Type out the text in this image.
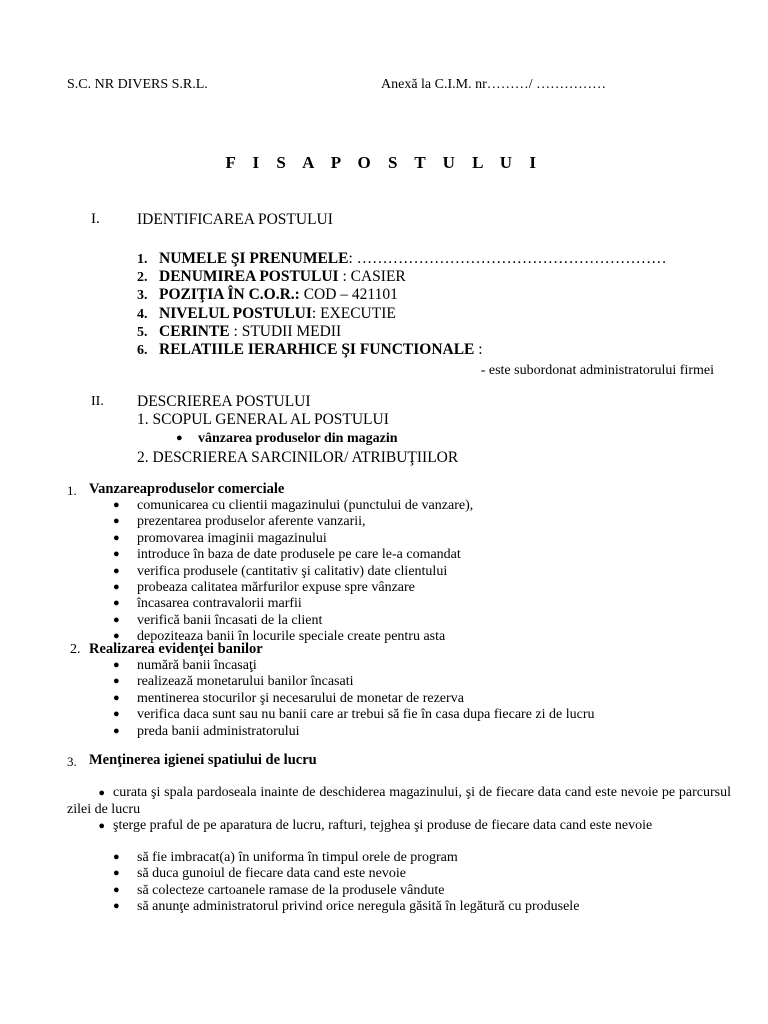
S.C. NR DIVERS S.R.L.	Anexă la C.I.M. nr………/ ……………
F I S A P O S T U L U I
I. IDENTIFICAREA POSTULUI
1. NUMELE ŞI PRENUMELE: ……………………………………………………
2. DENUMIREA POSTULUI : CASIER
3. POZIŢIA ÎN C.O.R.: COD – 421101
4. NIVELUL POSTULUI: EXECUTIE
5. CERINTE : STUDII MEDII
6. RELATIILE IERARHICE ŞI FUNCTIONALE :
- este subordonat administratorului firmei
II. DESCRIEREA POSTULUI
1. SCOPUL GENERAL AL POSTULUI
● vânzarea produselor din magazin
2. DESCRIEREA SARCINILOR/ ATRIBUŢIILOR
1. Vanzareaproduselor comerciale
● comunicarea cu clientii magazinului (punctului de vanzare),
● prezentarea produselor aferente vanzarii,
● promovarea imaginii magazinului
● introduce în baza de date produsele pe care le-a comandat
● verifica produsele (cantitativ şi calitativ) date clientului
● probeaza calitatea mărfurilor expuse spre vânzare
● încasarea contravalorii marfii
● verifică banii încasati de la client
● depoziteaza banii în locurile speciale create pentru asta
2. Realizarea evidenţei banilor
● numără banii încasaţi
● realizează monetarului banilor încasati
● mentinerea stocurilor şi necesarului de monetar de rezerva
● verifica daca sunt sau nu banii care ar trebui să fie în casa dupa fiecare zi de lucru
● preda banii administratorului
3. Menţinerea igienei spatiului de lucru
● curata şi spala pardoseala inainte de deschiderea magazinului, şi de fiecare data cand este nevoie pe parcursul zilei de lucru
● şterge praful de pe aparatura de lucru, rafturi, tejghea şi produse de fiecare data cand este nevoie
● să fie imbracat(a) în uniforma în timpul orele de program
● să duca gunoiul de fiecare data cand este nevoie
● să colecteze cartoanele ramase de la produsele vândute
● să anunţe administratorul privind orice neregula găsită în legătură cu produsele
